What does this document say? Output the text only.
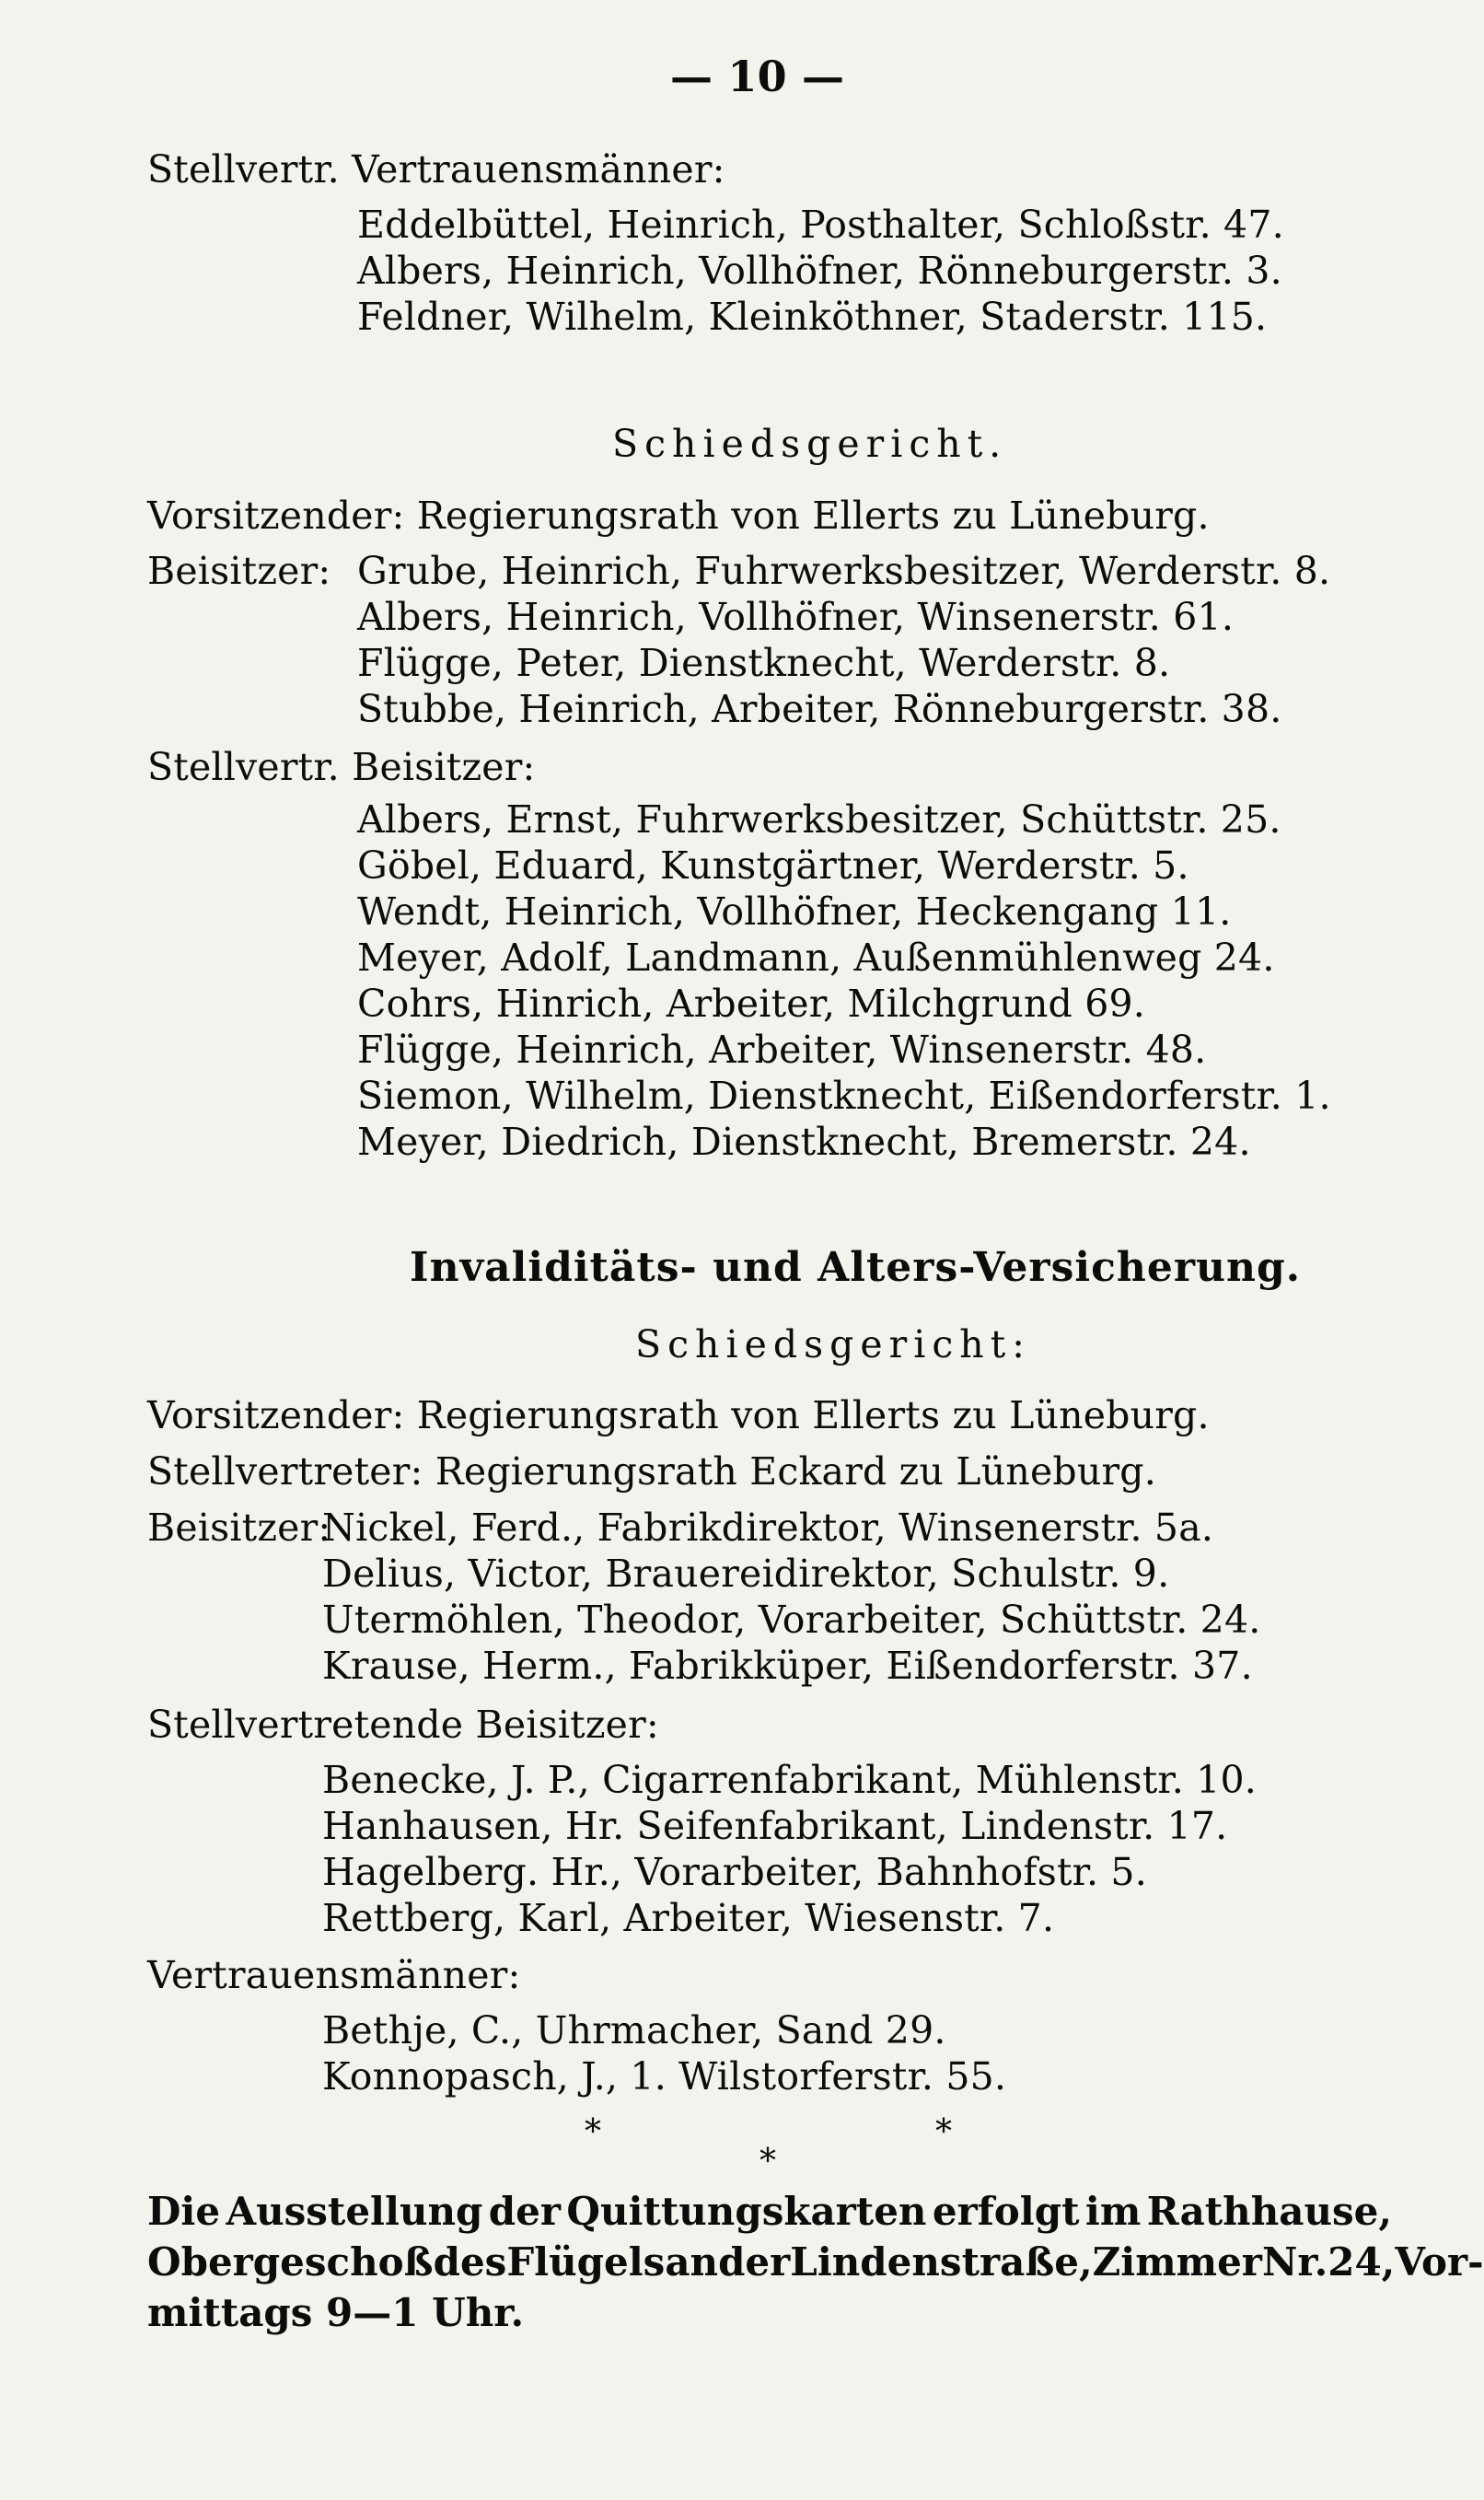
— 10 —
Stellvertr. Vertrauensmänner:
Eddelbüttel, Heinrich, Posthalter, Schloßstr. 47.
Albers, Heinrich, Vollhöfner, Rönneburgerstr. 3.
Feldner, Wilhelm, Kleinköthner, Staderstr. 115.
Schiedsgericht.
Vorsitzender: Regierungsrath von Ellerts zu Lüneburg.
Beisitzer: Grube, Heinrich, Fuhrwerksbesitzer, Werderstr. 8.
Albers, Heinrich, Vollhöfner, Winsenerstr. 61.
Flügge, Peter, Dienstknecht, Werderstr. 8.
Stubbe, Heinrich, Arbeiter, Rönneburgerstr. 38.
Stellvertr. Beisitzer:
Albers, Ernst, Fuhrwerksbesitzer, Schüttstr. 25.
Göbel, Eduard, Kunstgärtner, Werderstr. 5.
Wendt, Heinrich, Vollhöfner, Heckengang 11.
Meyer, Adolf, Landmann, Außenmühlenweg 24.
Cohrs, Hinrich, Arbeiter, Milchgrund 69.
Flügge, Heinrich, Arbeiter, Winsenerstr. 48.
Siemon, Wilhelm, Dienstknecht, Eißendorferstr. 1.
Meyer, Diedrich, Dienstknecht, Bremerstr. 24.
Invaliditäts- und Alters-Versicherung.
Schiedsgericht:
Vorsitzender: Regierungsrath von Ellerts zu Lüneburg.
Stellvertreter: Regierungsrath Eckard zu Lüneburg.
Beisitzer:
Nickel, Ferd., Fabrikdirektor, Winsenerstr. 5a.
Delius, Victor, Brauereidirektor, Schulstr. 9.
Utermöhlen, Theodor, Vorarbeiter, Schüttstr. 24.
Krause, Herm., Fabrikküper, Eißendorferstr. 37.
Stellvertretende Beisitzer:
Benecke, J. P., Cigarrenfabrikant, Mühlenstr. 10.
Hanhausen, Hr. Seifenfabrikant, Lindenstr. 17.
Hagelberg. Hr., Vorarbeiter, Bahnhofstr. 5.
Rettberg, Karl, Arbeiter, Wiesenstr. 7.
Vertrauensmänner:
Bethje, C., Uhrmacher, Sand 29.
Konnopasch, J., 1. Wilstorferstr. 55.
*
*
*
Die Ausstellung der Quittungskarten erfolgt im Rathhause,
Obergeschoß des Flügels an der Lindenstraße, Zimmer Nr. 24, Vor-
mittags 9—1 Uhr.
